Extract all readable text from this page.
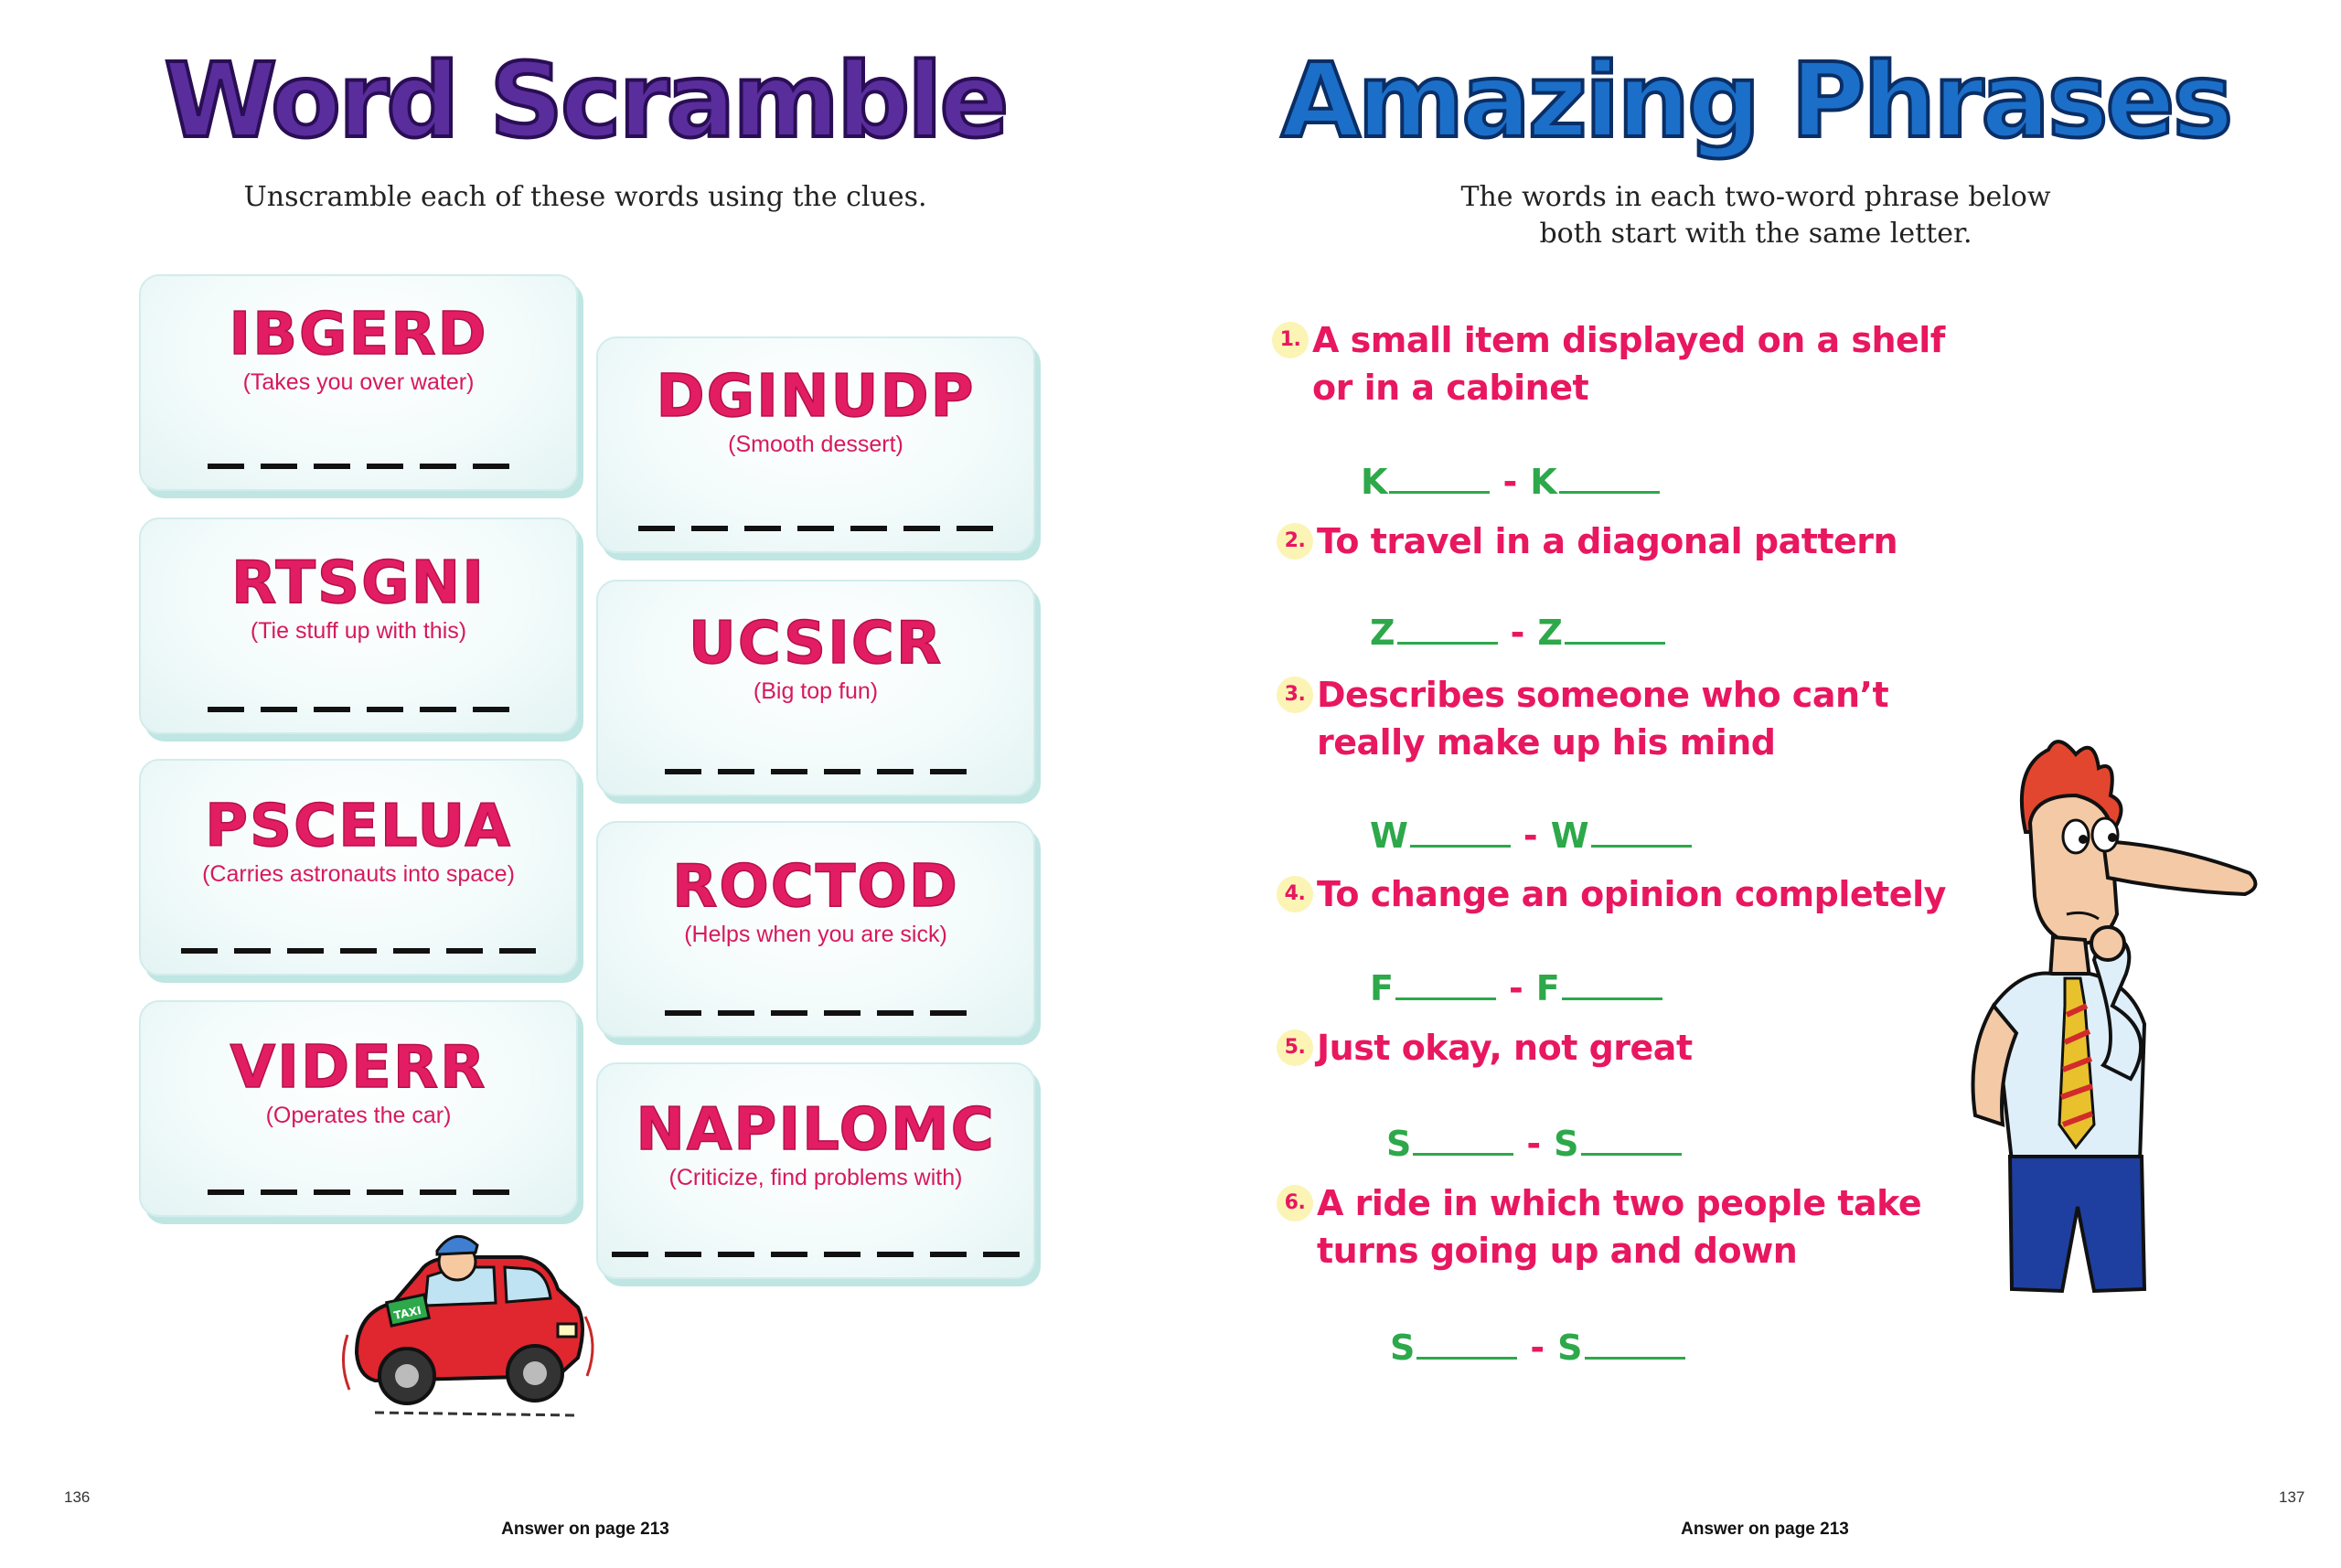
Word Scramble
Unscramble each of these words using the clues.
IBGERD
(Takes you over water)
RTSGNI
(Tie stuff up with this)
PSCELUA
(Carries astronauts into space)
VIDERR
(Operates the car)
DGINUDP
(Smooth dessert)
UCSICR
(Big top fun)
ROCTOD
(Helps when you are sick)
NAPILOMC
(Criticize, find problems with)
TAXI
136
Answer on page 213
Amazing Phrases
The words in each two-word phrase below
both start with the same letter.
1. A small item displayed on a shelf
or in a cabinet
K	- K
2. To travel in a diagonal pattern
Z	- Z
3. Describes someone who can’t
really make up his mind
W	- W
4. To change an opinion completely
F	- F
5. Just okay, not great
S	- S
6. A ride in which two people take
turns going up and down
S	- S
137
Answer on page 213
